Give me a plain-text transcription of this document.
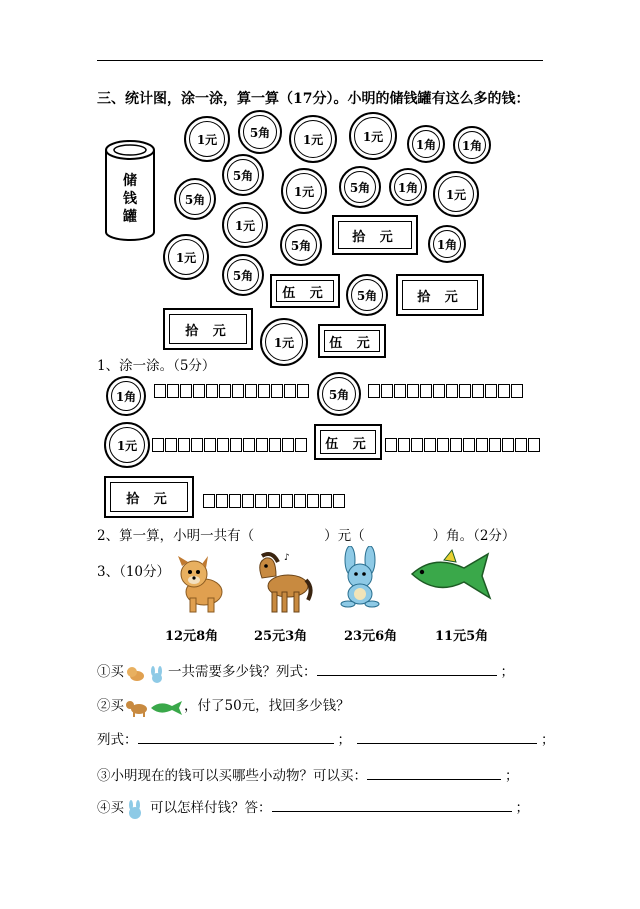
三、统计图，涂一涂，算一算（17分）。小明的储钱罐有这么多的钱：
储钱罐
1元	5角	1元	1元
1角 1角
5角
1元	5角 1角 1元
5角
1元
拾 元
5角	1角
1元
5角
伍 元 5角	拾 元
拾 元
1元	伍 元
1、涂一涂。（5分）
1角	5角
1元	伍 元
拾 元
2、算一算，小明一共有（	）元（	）角。（2分）
3、（10分）
♪
12元8角	25元3角	23元6角	11元5角
①买	一共需要多少钱？列式：	；
②买	，付了50元，找回多少钱？
列式：	；	；
③小明现在的钱可以买哪些小动物？可以买：	；
④买 可以怎样付钱？答：	；
